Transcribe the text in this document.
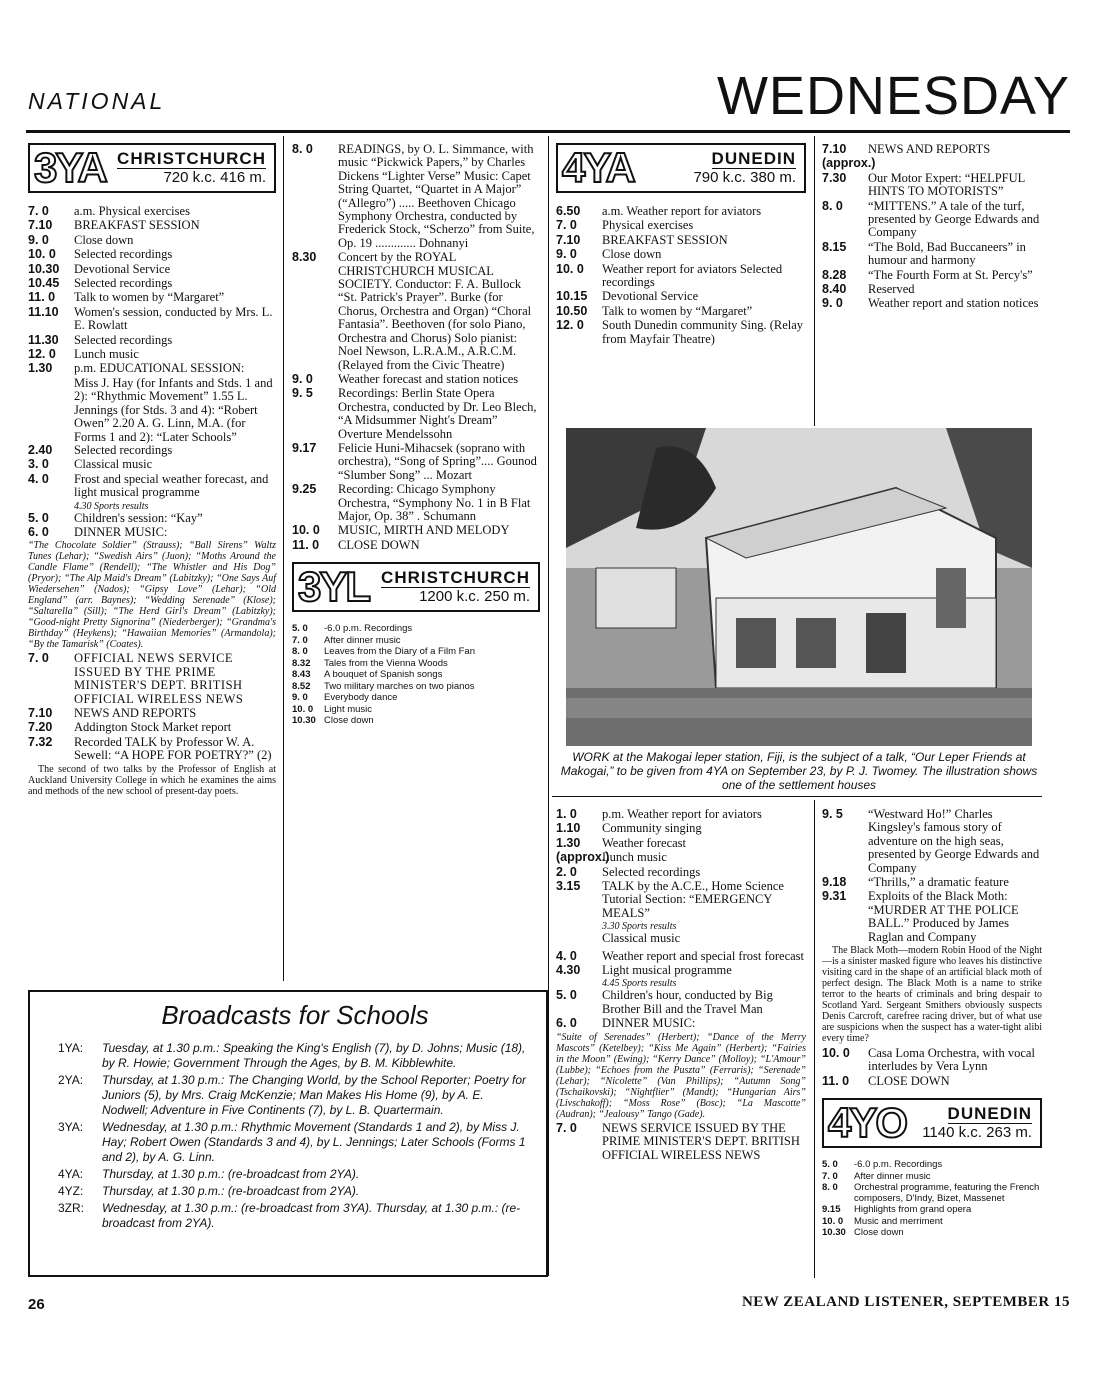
NATIONAL	WEDNESDAY
3YA CHRISTCHURCH
720 k.c. 416 m.
7. 0	a.m. Physical exercises
7.10	BREAKFAST SESSION
9. 0	Close down
10. 0	Selected recordings
10.30	Devotional Service
10.45	Selected recordings
11. 0	Talk to women by “Margaret”
11.10	Women's session, conducted by Mrs. L. E. Rowlatt
11.30	Selected recordings
12. 0	Lunch music
1.30	p.m. EDUCATIONAL SESSION:
Miss J. Hay (for Infants and Stds. 1 and 2): “Rhythmic Movement” 1.55 L. Jennings (for Stds. 3 and 4): “Robert Owen” 2.20 A. G. Linn, M.A. (for Forms 1 and 2): “Later Schools”
2.40	Selected recordings
3. 0	Classical music
4. 0	Frost and special weather forecast, and light musical programme
4.30 Sports results
5. 0	Children's session: “Kay”
6. 0	DINNER MUSIC:
“The Chocolate Soldier” (Strauss); “Ball Sirens” Waltz Tunes (Lehar); “Swedish Airs” (Juon); “Moths Around the Candle Flame” (Rendell); “The Whistler and His Dog” (Pryor); “The Alp Maid's Dream” (Labitzky); “One Says Auf Wiedersehen” (Nados); “Gipsy Love” (Lehar); “Old England” (arr. Baynes); “Wedding Serenade” (Klose); “Saltarella” (Sill); “The Herd Girl's Dream” (Labitzky); “Good-night Pretty Signorina” (Niederberger); “Grandma's Birthday” (Heykens); “Hawaiian Memories” (Armandola); “By the Tamarisk” (Coates).
7. 0	OFFICIAL NEWS SERVICE ISSUED BY THE PRIME MINISTER'S DEPT. BRITISH OFFICIAL WIRELESS NEWS
7.10	NEWS AND REPORTS
7.20	Addington Stock Market report
7.32	Recorded TALK by Professor W. A. Sewell: “A HOPE FOR POETRY?” (2)
The second of two talks by the Professor of English at Auckland University College in which he examines the aims and methods of the new school of present-day poets.
8. 0	READINGS, by O. L. Simmance, with music “Pickwick Papers,” by Charles Dickens “Lighter Verse” Music: Capet String Quartet, “Quartet in A Major” (“Allegro”) ..... Beethoven Chicago Symphony Orchestra, conducted by Frederick Stock, “Scherzo” from Suite, Op. 19 ............. Dohnanyi
8.30	Concert by the ROYAL CHRISTCHURCH MUSICAL SOCIETY. Conductor: F. A. Bullock “St. Patrick's Prayer”. Burke (for Chorus, Orchestra and Organ) “Choral Fantasia”. Beethoven (for solo Piano, Orchestra and Chorus) Solo pianist: Noel Newson, L.R.A.M., A.R.C.M. (Relayed from the Civic Theatre)
9. 0	Weather forecast and station notices
9. 5	Recordings: Berlin State Opera Orchestra, conducted by Dr. Leo Blech, “A Midsummer Night's Dream” Overture Mendelssohn
9.17	Felicie Huni-Mihacsek (soprano with orchestra), “Song of Spring”.... Gounod “Slumber Song” ... Mozart
9.25	Recording: Chicago Symphony Orchestra, “Symphony No. 1 in B Flat Major, Op. 38” . Schumann
10. 0	MUSIC, MIRTH AND MELODY
11. 0	CLOSE DOWN
3YL CHRISTCHURCH
1200 k.c. 250 m.
5. 0	-6.0 p.m. Recordings
7. 0	After dinner music
8. 0	Leaves from the Diary of a Film Fan
8.32	Tales from the Vienna Woods
8.43	A bouquet of Spanish songs
8.52	Two military marches on two pianos
9. 0	Everybody dance
10. 0	Light music
10.30 Close down
4YA	DUNEDIN
790 k.c. 380 m.
6.50	a.m. Weather report for aviators
7. 0	Physical exercises
7.10	BREAKFAST SESSION
9. 0	Close down
10. 0	Weather report for aviators Selected recordings
10.15	Devotional Service
10.50	Talk to women by “Margaret”
12. 0	South Dunedin community Sing. (Relay from Mayfair Theatre)
7.10	NEWS AND REPORTS
(approx.)
7.30	Our Motor Expert: “HELPFUL HINTS TO MOTORISTS”
8. 0	“MITTENS.” A tale of the turf, presented by George Edwards and Company
8.15	“The Bold, Bad Buccaneers” in humour and harmony
8.28	“The Fourth Form at St. Percy's”
8.40	Reserved
9. 0	Weather report and station notices
WORK at the Makogai leper station, Fiji, is the subject of a talk, “Our Leper Friends at Makogai,” to be given from 4YA on September 23, by P. J. Twomey. The illustration shows one of the settlement houses
1. 0	p.m. Weather report for aviators
1.10	Community singing
1.30	Weather forecast
(approx.)
Lunch music
2. 0	Selected recordings
3.15	TALK by the A.C.E., Home Science Tutorial Section: “EMERGENCY MEALS”
3.30 Sports results
Classical music
4. 0	Weather report and special frost forecast
4.30	Light musical programme
4.45 Sports results
5. 0	Children's hour, conducted by Big Brother Bill and the Travel Man
6. 0	DINNER MUSIC:
“Suite of Serenades” (Herbert); “Dance of the Merry Mascots” (Ketelbey); “Kiss Me Again” (Herbert); “Fairies in the Moon” (Ewing); “Kerry Dance” (Molloy); “L'Amour” (Lubbe); “Echoes from the Puszta” (Ferraris); “Serenade” (Lehar); “Nicolette” (Van Phillips); “Autumn Song” (Tschaikovski); “Nightflier” (Mandt); “Hungarian Airs” (Livschakoff); “Moss Rose” (Bosc); “La Mascotte” (Audran); “Jealousy” Tango (Gade).
7. 0	NEWS SERVICE ISSUED BY THE PRIME MINISTER'S DEPT. BRITISH OFFICIAL WIRELESS NEWS
9. 5	“Westward Ho!” Charles Kingsley's famous story of adventure on the high seas, presented by George Edwards and Company
9.18	“Thrills,” a dramatic feature
9.31	Exploits of the Black Moth: “MURDER AT THE POLICE BALL.” Produced by James Raglan and Company
The Black Moth—modern Robin Hood of the Night—is a sinister masked figure who leaves his distinctive visiting card in the shape of an artificial black moth of perfect design. The Black Moth is a name to strike terror to the hearts of criminals and bring despair to Scotland Yard. Sergeant Smithers obviously suspects Denis Carcroft, carefree racing driver, but of what use are suspicions when the suspect has a water-tight alibi every time?
10. 0	Casa Loma Orchestra, with vocal interludes by Vera Lynn
11. 0	CLOSE DOWN
4YO DUNEDIN
1140 k.c. 263 m.
5. 0	-6.0 p.m. Recordings
7. 0	After dinner music
8. 0	Orchestral programme, featuring the French composers, D'Indy, Bizet, Massenet
9.15	Highlights from grand opera
10. 0	Music and merriment
10.30 Close down
Broadcasts for Schools
1YA:	Tuesday, at 1.30 p.m.: Speaking the King's English (7), by D. Johns; Music (18), by R. Howie; Government Through the Ages, by B. M. Kibblewhite.
2YA:	Thursday, at 1.30 p.m.: The Changing World, by the School Reporter; Poetry for Juniors (5), by Mrs. Craig McKenzie; Man Makes His Home (9), by A. E. Nodwell; Adventure in Five Continents (7), by L. B. Quartermain.
3YA:	Wednesday, at 1.30 p.m.: Rhythmic Movement (Standards 1 and 2), by Miss J. Hay; Robert Owen (Standards 3 and 4), by L. Jennings; Later Schools (Forms 1 and 2), by A. G. Linn.
4YA:	Thursday, at 1.30 p.m.: (re-broadcast from 2YA).
4YZ:	Thursday, at 1.30 p.m.: (re-broadcast from 2YA).
3ZR:	Wednesday, at 1.30 p.m.: (re-broadcast from 3YA). Thursday, at 1.30 p.m.: (re-broadcast from 2YA).
26	NEW ZEALAND LISTENER, SEPTEMBER 15
